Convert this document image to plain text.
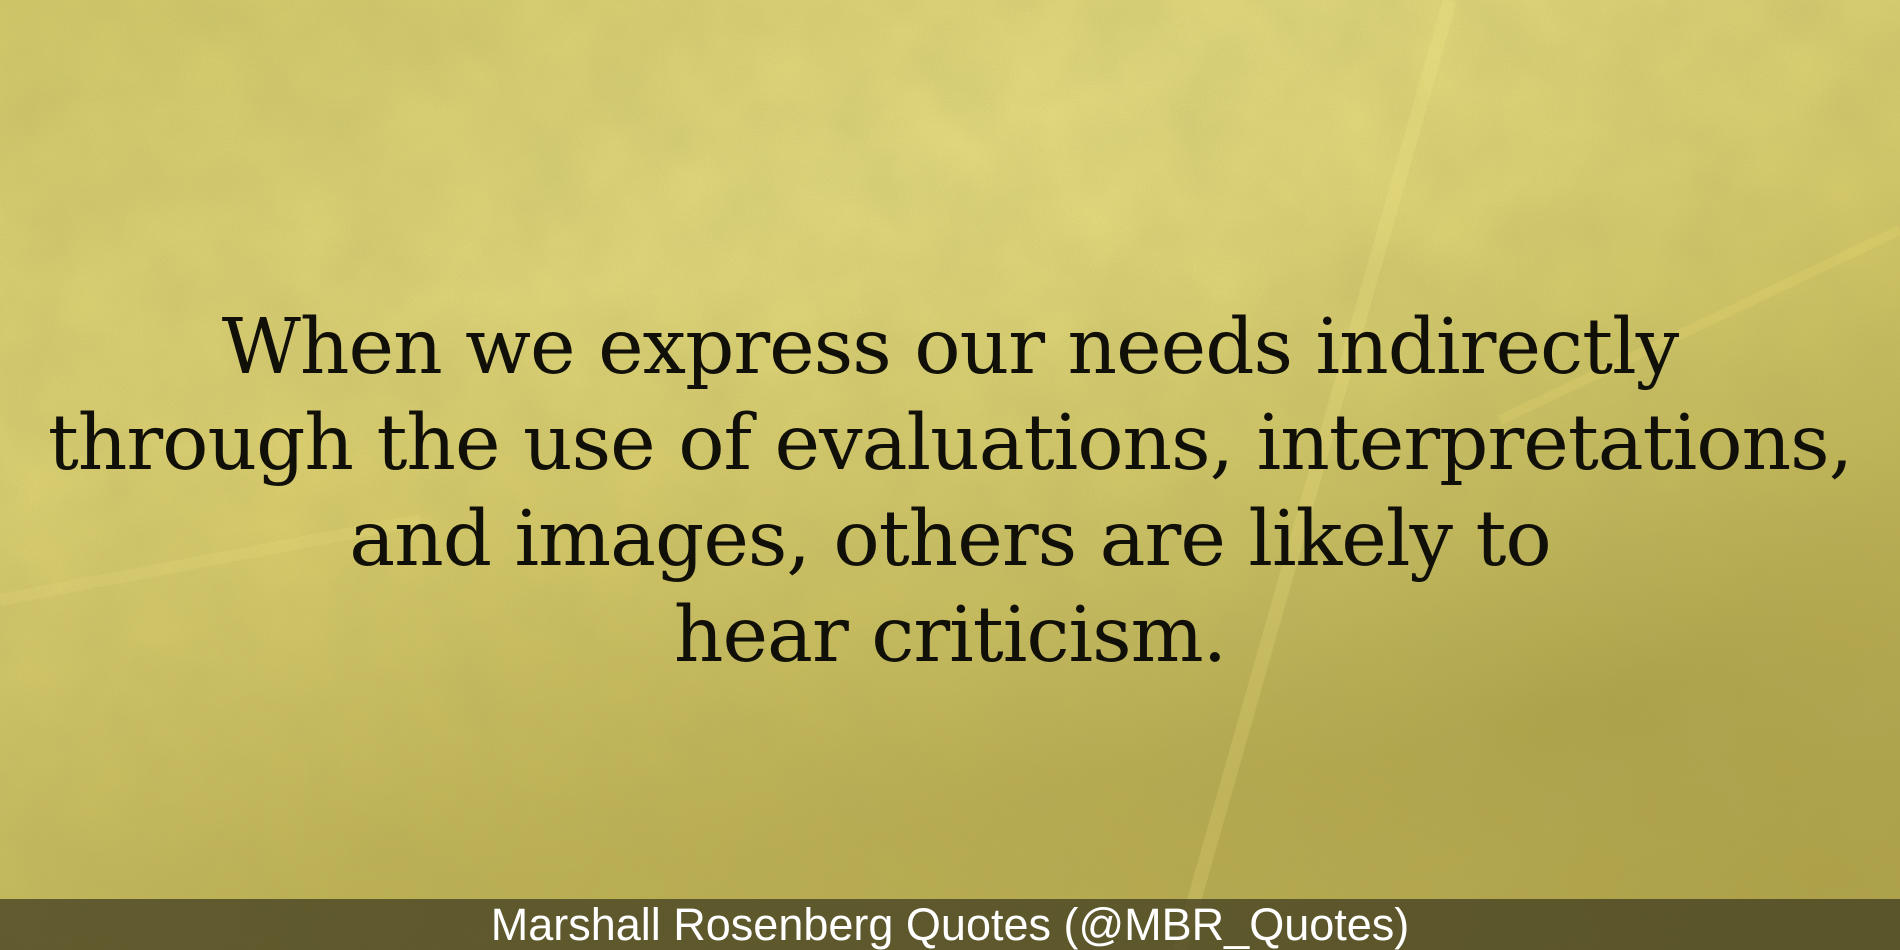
When we express our needs indirectly
through the use of evaluations, interpretations,
and images, others are likely to
hear criticism.
Marshall Rosenberg Quotes (@MBR_Quotes)
